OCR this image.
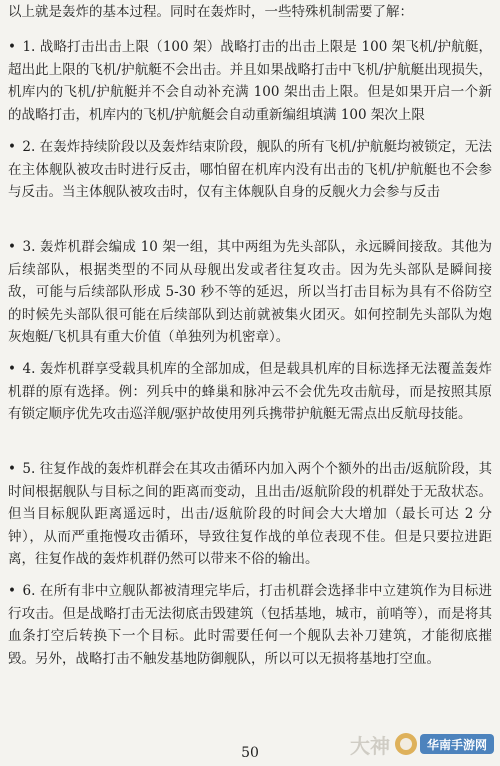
以上就是轰炸的基本过程。同时在轰炸时，一些特殊机制需要了解：

• 1. 战略打击出击上限（100 架）战略打击的出击上限是 100 架飞机/护航艇，超出此上限的飞机/护航艇不会出击。并且如果战略打击中飞机/护航艇出现损失，机库内的飞机/护航艇并不会自动补充满 100 架出击上限。但是如果开启一个新的战略打击，机库内的飞机/护航艇会自动重新编组填满 100 架次上限

• 2. 在轰炸持续阶段以及轰炸结束阶段，舰队的所有飞机/护航艇均被锁定，无法在主体舰队被攻击时进行反击，哪怕留在机库内没有出击的飞机/护航艇也不会参与反击。当主体舰队被攻击时，仅有主体舰队自身的反舰火力会参与反击

• 3. 轰炸机群会编成 10 架一组，其中两组为先头部队，永远瞬间接敌。其他为后续部队，根据类型的不同从母舰出发或者往复攻击。因为先头部队是瞬间接敌，可能与后续部队形成 5-30 秒不等的延迟，所以当打击目标为具有不俗防空的时候先头部队很可能在后续部队到达前就被集火团灭。如何控制先头部队为炮灰炮艇/飞机具有重大价值（单独列为机密章）。

• 4. 轰炸机群享受载具机库的全部加成，但是载具机库的目标选择无法覆盖轰炸机群的原有选择。例：列兵中的蜂巢和脉冲云不会优先攻击航母，而是按照其原有锁定顺序优先攻击巡洋舰/驱护故使用列兵携带护航艇无需点出反航母技能。

• 5. 往复作战的轰炸机群会在其攻击循环内加入两个个额外的出击/返航阶段，其时间根据舰队与目标之间的距离而变动，且出击/返航阶段的机群处于无敌状态。但当目标舰队距离遥远时，出击/返航阶段的时间会大大增加（最长可达 2 分钟），从而严重拖慢攻击循环，导致往复作战的单位表现不佳。但是只要拉进距离，往复作战的轰炸机群仍然可以带来不俗的输出。

• 6. 在所有非中立舰队都被清理完毕后，打击机群会选择非中立建筑作为目标进行攻击。但是战略打击无法彻底击毁建筑（包括基地，城市，前哨等），而是将其血条打空后转换下一个目标。此时需要任何一个舰队去补刀建筑，才能彻底摧毁。另外，战略打击不触发基地防御舰队，所以可以无损将基地打空血。

50	大神	华南手游网
